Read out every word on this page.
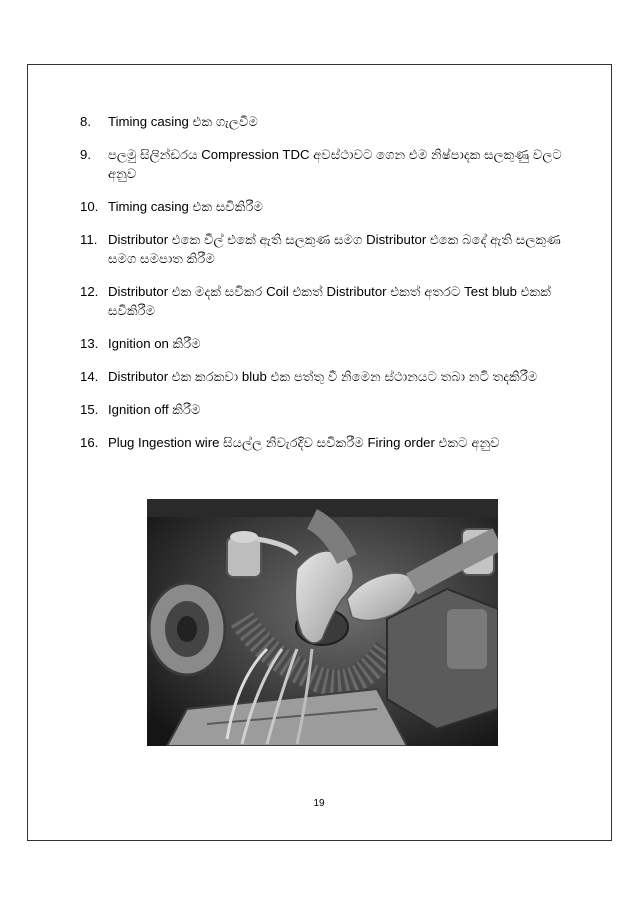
8. Timing casing එක ගැලවීම
9. පලමු සිලින්ඩරය Compression TDC අවස්ථාවට ගෙන එම නිෂ්පාදක සලකුණු වලට අනුව
10. Timing casing එක සවිකිරීම
11. Distributor එකෙ වීල් එකේ ඇති සලකුණ සමග Distributor එකෙ බදේ ඇති සලකුණ සමග සමපාත කිරීම
12. Distributor එක මදක් සවිකර Coil එකත් Distributor එකත් අතරට Test blub එකක් සවිකිරීම
13. Ignition on කිරීම
14. Distributor එක කරකවා blub එක පත්තු වී නිමෙන ස්ථානයට තබා නටි තදකිරීම
15. Ignition off කිරීම
16. Plug Ingestion wire සියල්ල නිවැරදිව සවිකරීම Firing order එකට අනුව
19
